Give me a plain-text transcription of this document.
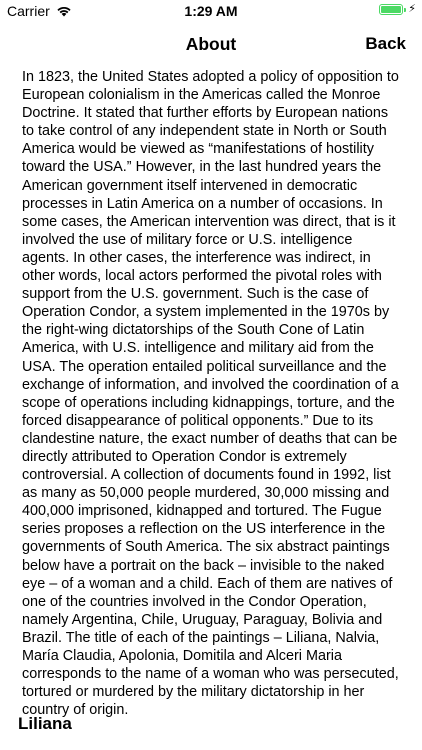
Carrier	1:29 AM	⚡
About	Back

In 1823, the United States adopted a policy of opposition to European colonialism in the Americas called the Monroe Doctrine. It stated that further efforts by European nations to take control of any independent state in North or South America would be viewed as “manifestations of hostility toward the USA.” However, in the last hundred years the American government itself intervened in democratic processes in Latin America on a number of occasions. In some cases, the American intervention was direct, that is it involved the use of military force or U.S. intelligence agents. In other cases, the interference was indirect, in other words, local actors performed the pivotal roles with support from the U.S. government. Such is the case of Operation Condor, a system implemented in the 1970s by the right-wing dictatorships of the South Cone of Latin America, with U.S. intelligence and military aid from the USA. The operation entailed political surveillance and the exchange of information, and involved the coordination of a scope of operations including kidnappings, torture, and the forced disappearance of political opponents.” Due to its clandestine nature, the exact number of deaths that can be directly attributed to Operation Condor is extremely controversial. A collection of documents found in 1992, list as many as 50,000 people murdered, 30,000 missing and 400,000 imprisoned, kidnapped and tortured. The Fugue series proposes a reflection on the US interference in the governments of South America. The six abstract paintings below have a portrait on the back – invisible to the naked eye – of a woman and a child. Each of them are natives of one of the countries involved in the Condor Operation, namely Argentina, Chile, Uruguay, Paraguay, Bolivia and Brazil. The title of each of the paintings – Liliana, Nalvia, María Claudia, Apolonia, Domitila and Alceri Maria corresponds to the name of a woman who was persecuted, tortured or murdered by the military dictatorship in her country of origin.

Liliana
